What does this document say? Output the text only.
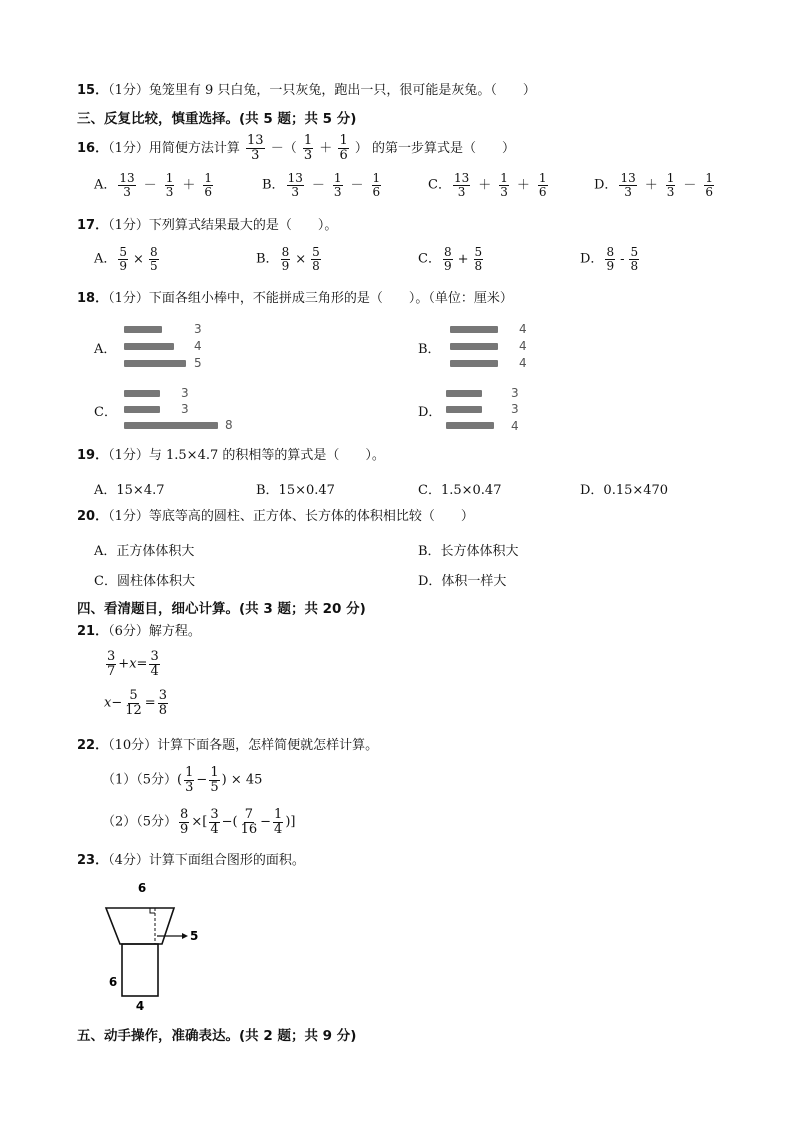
15．（1分）兔笼里有 9 只白兔，一只灰兔，跑出一只，很可能是灰兔。（　　）
三、反复比较，慎重选择。(共 5 题；共 5 分)
16．（1分）用简便方法计算 $\frac{13}{3}$ －（ $\frac{1}{3} + \frac{1}{6}$ ） 的第一步算式是（　　）
A． $\frac{13}{3} - \frac{1}{3} + \frac{1}{6}$	B． $\frac{13}{3} - \frac{1}{3} - \frac{1}{6}$	C． $\frac{13}{3} + \frac{1}{3} + \frac{1}{6}$	D． $\frac{13}{3} + \frac{1}{3} - \frac{1}{6}$
17．（1分）下列算式结果最大的是（　　）。
A． $\frac{5}{9} \times \frac{8}{5}$	B． $\frac{8}{9} \times \frac{5}{8}$	C． $\frac{8}{9} + \frac{5}{8}$	D． $\frac{8}{9} - \frac{5}{8}$
18．（1分）下面各组小棒中，不能拼成三角形的是（　　）。（单位：厘米）
A．
3
4
5
B．
4
4
4
C．
3
3
8
D．
3
3
4
19．（1分）与 1.5×4.7 的积相等的算式是（　　）。
A．15×4.7	B．15×0.47	C．1.5×0.47	D．0.15×470
20．（1分）等底等高的圆柱、正方体、长方体的体积相比较（　　）
A．正方体体积大	B．长方体体积大
C．圆柱体体积大	D．体积一样大
四、看清题目，细心计算。(共 3 题；共 20 分)
21．（6分）解方程。
$\frac{3}{7} +x= \frac{3}{4}$
$x- \frac{5}{12} = \frac{3}{8}$
22．（10分）计算下面各题，怎样简便就怎样计算。
（1）（5分）( $\frac{1}{3} - \frac{1}{5}$ ) × 45
（2）（5分） $\frac{8}{9}$ ×[ $\frac{3}{4}$ −( $\frac{7}{16} - \frac{1}{4}$ )]
23．（4分）计算下面组合图形的面积。
6
5
6
4
五、动手操作，准确表达。(共 2 题；共 9 分)
